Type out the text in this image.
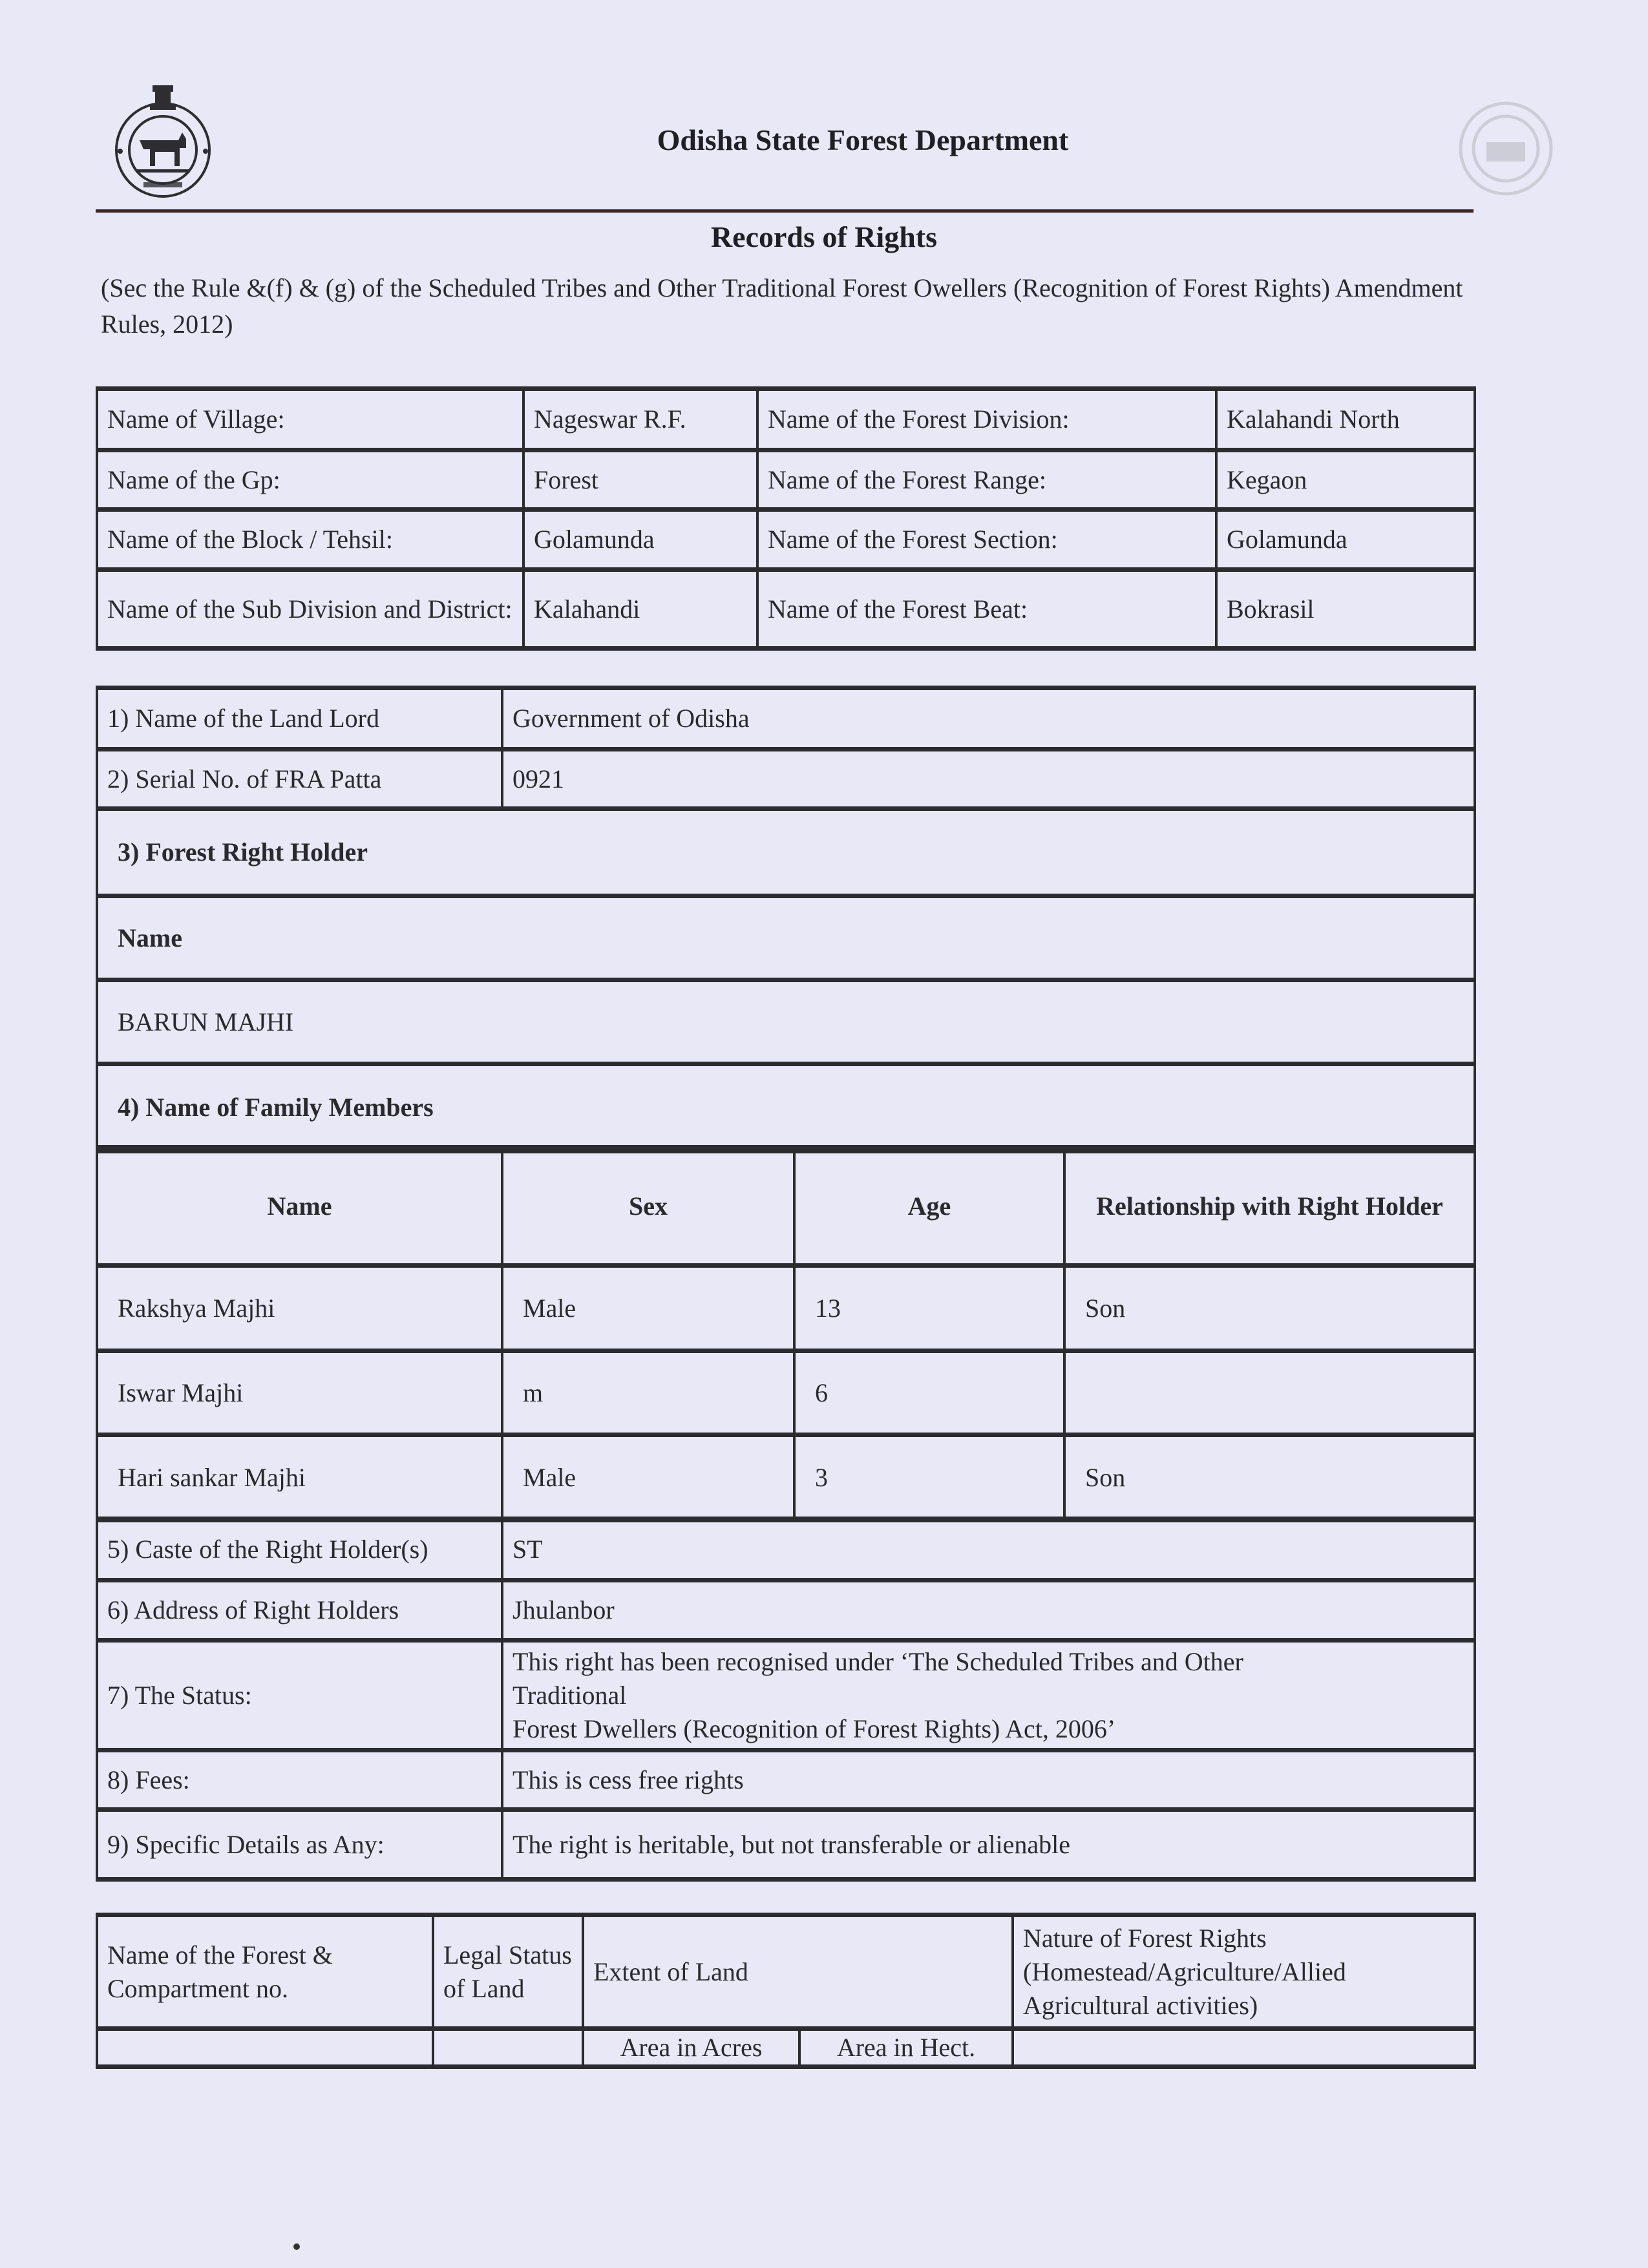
Odisha State Forest Department
Records of Rights
(Sec the Rule &(f) & (g) of the Scheduled Tribes and Other Traditional Forest Owellers (Recognition of Forest Rights) Amendment Rules, 2012)
Name of Village:	Nageswar R.F.	Name of the Forest Division:	Kalahandi North
Name of the Gp:	Forest	Name of the Forest Range:	Kegaon
Name of the Block / Tehsil:	Golamunda	Name of the Forest Section:	Golamunda
Name of the Sub Division and District:	Kalahandi	Name of the Forest Beat:	Bokrasil
1) Name of the Land Lord	Government of Odisha
2) Serial No. of FRA Patta	0921
3) Forest Right Holder	
Name	
BARUN MAJHI	
4) Name of Family Members	
Name	Sex	Age	Relationship with Right Holder
Rakshya Majhi	Male	13	Son
Iswar Majhi	m	6	
Hari sankar Majhi	Male	3	Son
5) Caste of the Right Holder(s)	ST
6) Address of Right Holders	Jhulanbor
7) The Status:	This right has been recognised under ‘The Scheduled Tribes and Other
Traditional
Forest Dwellers (Recognition of Forest Rights) Act, 2006’

8) Fees:	This is cess free rights
9) Specific Details as Any:	The right is heritable, but not transferable or alienable
Name of the Forest & Compartment no.	Legal Status of Land	Extent of Land		Nature of Forest Rights (Homestead/Agriculture/Allied Agricultural activities)
		Area in Acres	Area in Hect.	
